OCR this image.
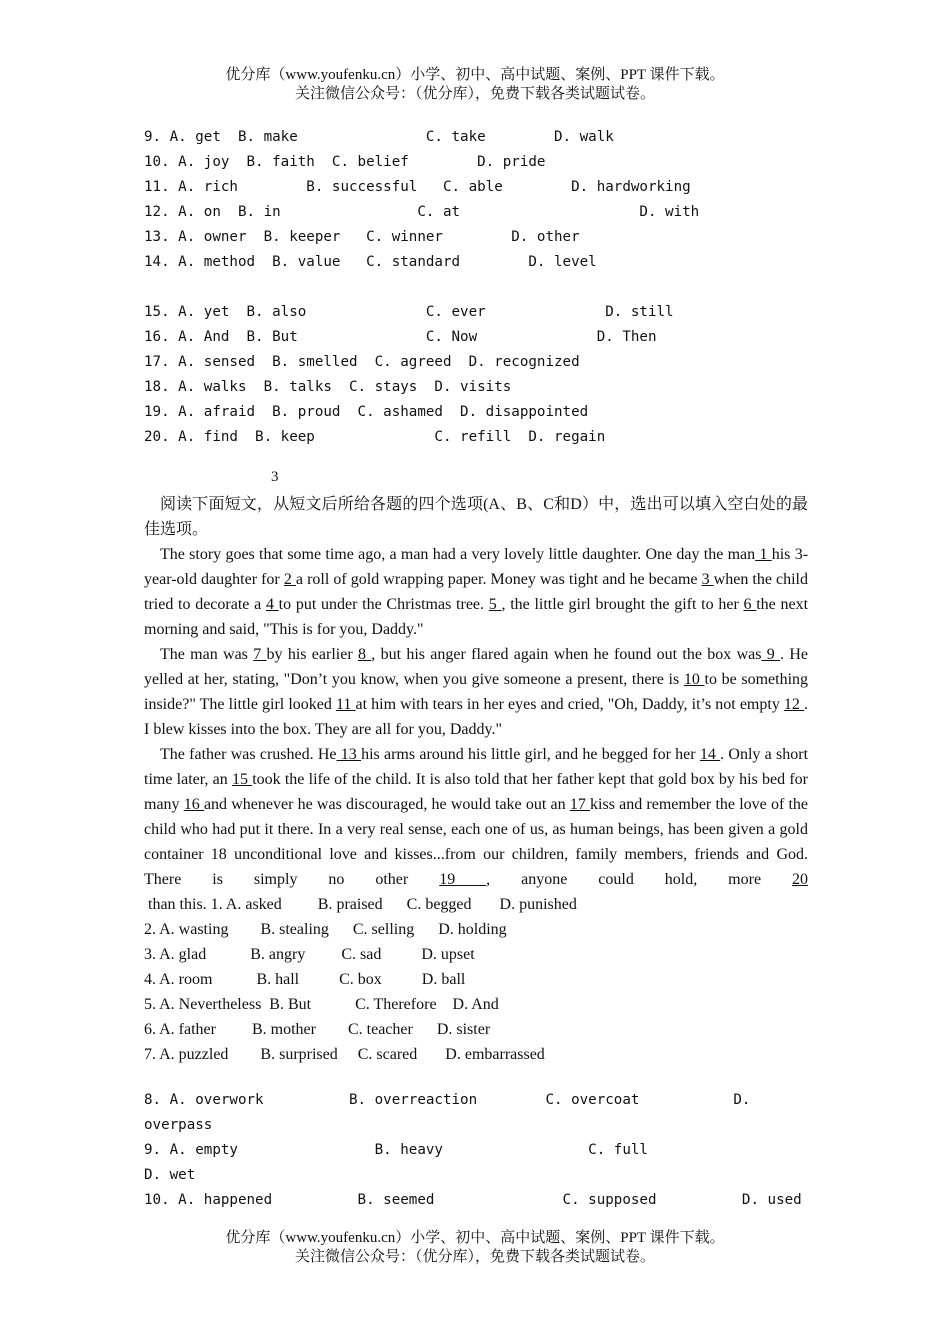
优分库（www.youfenku.cn）小学、初中、高中试题、案例、PPT 课件下载。
关注微信公众号：（优分库），免费下载各类试题试卷。
9. A. get  B. make               C. take        D. walk
10. A. joy  B. faith  C. belief        D. pride
11. A. rich        B. successful   C. able        D. hardworking
12. A. on  B. in                C. at                     D. with
13. A. owner  B. keeper   C. winner        D. other
14. A. method  B. value   C. standard        D. level

15. A. yet  B. also              C. ever              D. still
16. A. And  B. But               C. Now              D. Then
17. A. sensed  B. smelled  C. agreed  D. recognized
18. A. walks  B. talks  C. stays  D. visits
19. A. afraid  B. proud  C. ashamed  D. disappointed
20. A. find  B. keep              C. refill  D. regain
3

阅读下面短文，从短文后所给各题的四个选项(A、B、C和D）中，选出可以填入空白处的最佳选项。

The story goes that some time ago, a man had a very lovely little daughter. One day the man 1 his 3-year-old daughter for 2 a roll of gold wrapping paper. Money was tight and he became 3 when the child tried to decorate a 4 to put under the Christmas tree. 5 , the little girl brought the gift to her 6 the next morning and said, "This is for you, Daddy."

The man was 7 by his earlier 8 , but his anger flared again when he found out the box was 9 . He yelled at her, stating, "Don’t you know, when you give someone a present, there is 10 to be something inside?" The little girl looked 11 at him with tears in her eyes and cried, "Oh, Daddy, it’s not empty 12 . I blew kisses into the box. They are all for you, Daddy."

The father was crushed. He 13 his arms around his little girl, and he begged for her 14 . Only a short time later, an 15 took the life of the child. It is also told that her father kept that gold box by his bed for many 16 and whenever he was discouraged, he would take out an 17 kiss and remember the love of the child who had put it there. In a very real sense, each one of us, as human beings, has been given a gold container 18 unconditional love and kisses...from our children, family members, friends and God. There is simply no other 19 , anyone could hold, more 20  than this. 1. A. asked         B. praised      C. begged       D. punished

2. A. wasting        B. stealing      C. selling      D. holding
3. A. glad           B. angry         C. sad          D. upset
4. A. room           B. hall          C. box          D. ball
5. A. Nevertheless  B. But           C. Therefore    D. And
6. A. father         B. mother        C. teacher      D. sister
7. A. puzzled        B. surprised     C. scared       D. embarrassed
8. A. overwork          B. overreaction        C. overcoat           D.
overpass
9. A. empty                B. heavy                 C. full
D. wet
10. A. happened          B. seemed               C. supposed          D. used
优分库（www.youfenku.cn）小学、初中、高中试题、案例、PPT 课件下载。
关注微信公众号：（优分库），免费下载各类试题试卷。
